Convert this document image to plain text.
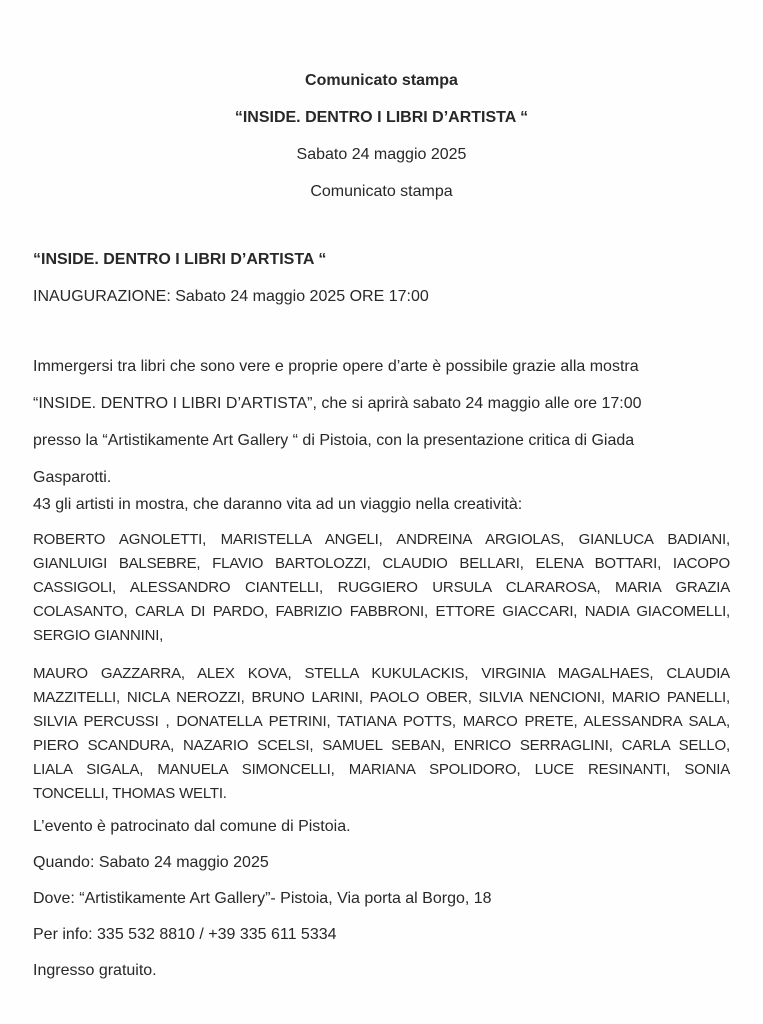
Comunicato stampa
“INSIDE. DENTRO I LIBRI D’ARTISTA “
Sabato 24 maggio 2025
Comunicato stampa
“INSIDE. DENTRO I LIBRI D’ARTISTA “
INAUGURAZIONE: Sabato 24 maggio 2025 ORE 17:00
Immergersi tra libri che sono vere e proprie opere d’arte è possibile grazie alla mostra
“INSIDE. DENTRO I LIBRI D’ARTISTA”, che si aprirà sabato 24 maggio alle ore 17:00
presso la “Artistikamente Art Gallery “ di Pistoia, con la presentazione critica di Giada
Gasparotti.
43 gli artisti in mostra, che daranno vita ad un viaggio nella creatività:
ROBERTO AGNOLETTI, MARISTELLA ANGELI, ANDREINA ARGIOLAS, GIANLUCA BADIANI,
GIANLUIGI BALSEBRE, FLAVIO BARTOLOZZI, CLAUDIO BELLARI, ELENA BOTTARI, IACOPO
CASSIGOLI, ALESSANDRO CIANTELLI, RUGGIERO URSULA CLARAROSA, MARIA GRAZIA
COLASANTO, CARLA DI PARDO, FABRIZIO FABBRONI, ETTORE GIACCARI, NADIA GIACOMELLI,
SERGIO GIANNINI,
MAURO GAZZARRA, ALEX KOVA, STELLA KUKULACKIS, VIRGINIA MAGALHAES, CLAUDIA
MAZZITELLI, NICLA NEROZZI, BRUNO LARINI, PAOLO OBER, SILVIA NENCIONI, MARIO PANELLI,
SILVIA PERCUSSI , DONATELLA PETRINI, TATIANA POTTS, MARCO PRETE, ALESSANDRA SALA,
PIERO SCANDURA, NAZARIO SCELSI, SAMUEL SEBAN, ENRICO SERRAGLINI, CARLA SELLO,
LIALA SIGALA, MANUELA SIMONCELLI, MARIANA SPOLIDORO, LUCE RESINANTI, SONIA
TONCELLI, THOMAS WELTI.
L’evento è patrocinato dal comune di Pistoia.
Quando: Sabato 24 maggio 2025
Dove: “Artistikamente Art Gallery”- Pistoia, Via porta al Borgo, 18
Per info: 335 532 8810 / +39 335 611 5334
Ingresso gratuito.
